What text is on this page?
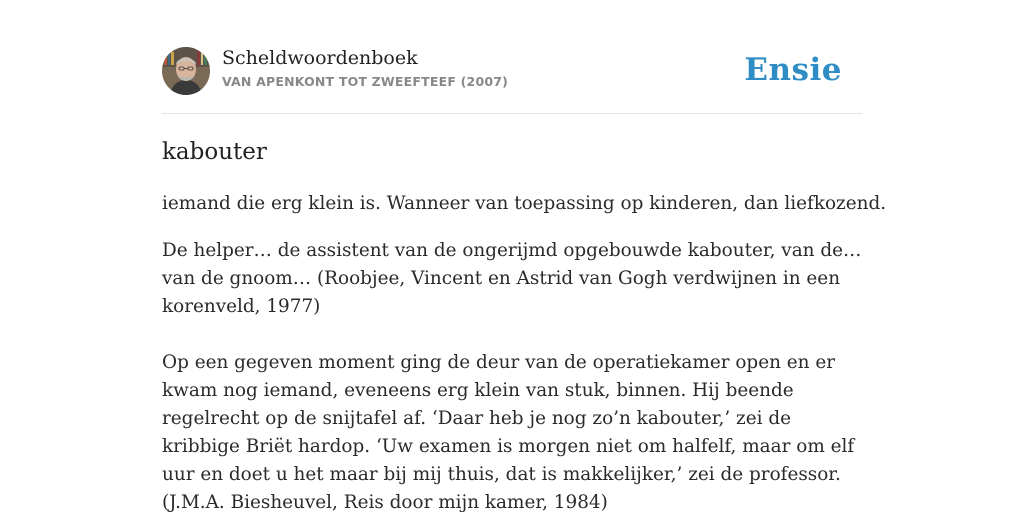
Scheldwoordenboek
VAN APENKONT TOT ZWEEFTEEF (2007)	Ensie
kabouter

iemand die erg klein is. Wanneer van toepassing op kinderen, dan liefkozend.

De helper… de assistent van de ongerijmd opgebouwde kabouter, van de… van de gnoom… (Roobjee, Vincent en Astrid van Gogh verdwijnen in een korenveld, 1977)

Op een gegeven moment ging de deur van de operatiekamer open en er kwam nog iemand, eveneens erg klein van stuk, binnen. Hij beende regelrecht op de snijtafel af. ‘Daar heb je nog zo’n kabouter,’ zei de kribbige Briët hardop. ‘Uw examen is morgen niet om halfelf, maar om elf uur en doet u het maar bij mij thuis, dat is makkelijker,’ zei de professor. (J.M.A. Biesheuvel, Reis door mijn kamer, 1984)
